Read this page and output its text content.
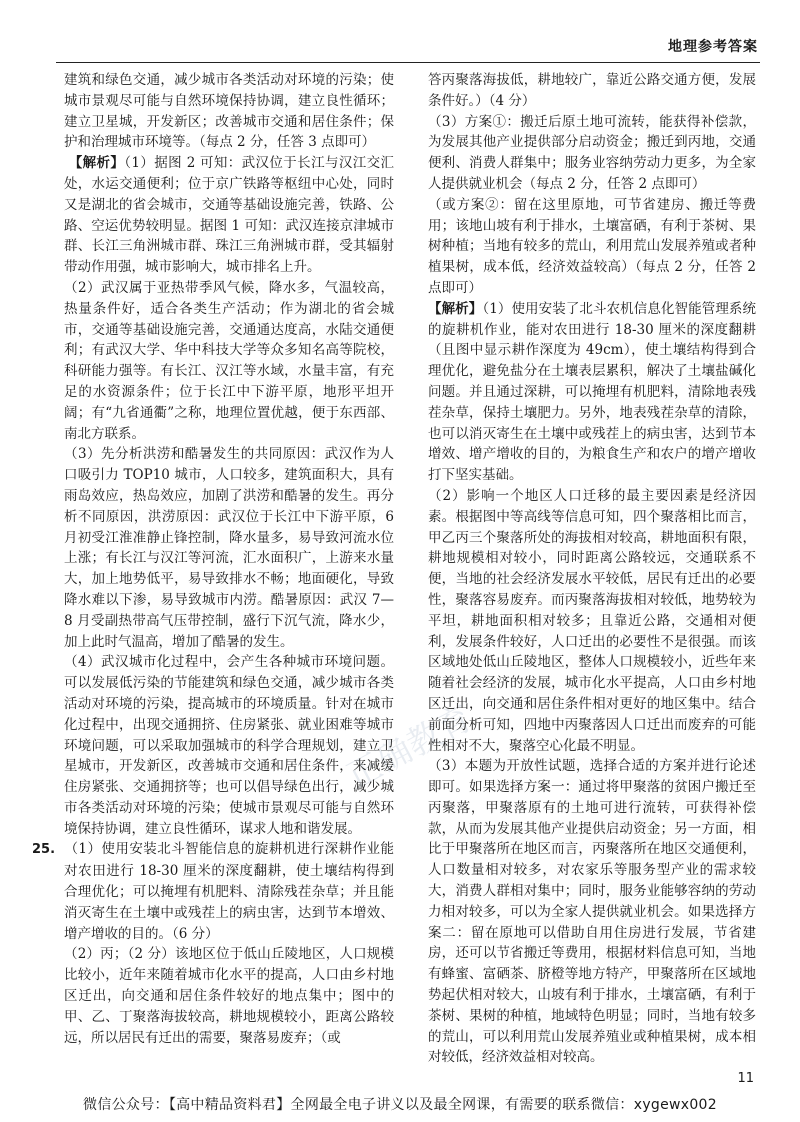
地理参考答案
正确教育

建筑和绿色交通，减少城市各类活动对环境的污染；使城市景观尽可能与自然环境保持协调，建立良性循环；建立卫星城，开发新区；改善城市交通和居住条件；保护和治理城市环境等。（每点 2 分，任答 3 点即可）

【解析】（1）据图 2 可知：武汉位于长江与汉江交汇处，水运交通便利；位于京广铁路等枢纽中心处，同时又是湖北的省会城市，交通等基础设施完善，铁路、公路、空运优势较明显。据图 1 可知：武汉连接京津城市群、长江三角洲城市群、珠江三角洲城市群，受其辐射带动作用强，城市影响大，城市排名上升。

（2）武汉属于亚热带季风气候，降水多，气温较高，热量条件好，适合各类生产活动；作为湖北的省会城市，交通等基础设施完善，交通通达度高，水陆交通便利；有武汉大学、华中科技大学等众多知名高等院校，科研能力强等。有长江、汉江等水域，水量丰富，有充足的水资源条件；位于长江中下游平原，地形平坦开阔；有“九省通衢”之称，地理位置优越，便于东西部、南北方联系。

（3）先分析洪涝和酷暑发生的共同原因：武汉作为人口吸引力 TOP10 城市，人口较多，建筑面积大，具有雨岛效应，热岛效应，加剧了洪涝和酷暑的发生。再分析不同原因，洪涝原因：武汉位于长江中下游平原，6 月初受江淮准静止锋控制，降水量多，易导致河流水位上涨；有长江与汉江等河流，汇水面积广，上游来水量大，加上地势低平，易导致排水不畅；地面硬化，导致降水难以下渗，易导致城市内涝。酷暑原因：武汉 7—8 月受副热带高气压带控制，盛行下沉气流，降水少，加上此时气温高，增加了酷暑的发生。

（4）武汉城市化过程中，会产生各种城市环境问题。可以发展低污染的节能建筑和绿色交通，减少城市各类活动对环境的污染，提高城市的环境质量。针对在城市化过程中，出现交通拥挤、住房紧张、就业困难等城市环境问题，可以采取加强城市的科学合理规划，建立卫星城市，开发新区，改善城市交通和居住条件，来减缓住房紧张、交通拥挤等；也可以倡导绿色出行，减少城市各类活动对环境的污染；使城市景观尽可能与自然环境保持协调，建立良性循环，谋求人地和谐发展。

25. （1）使用安装北斗智能信息的旋耕机进行深耕作业能对农田进行 18-30 厘米的深度翻耕，使土壤结构得到合理优化；可以掩埋有机肥料、清除残茬杂草；并且能消灭寄生在土壤中或残茬上的病虫害，达到节本增效、增产增收的目的。（6 分）

（2）丙；（2 分）该地区位于低山丘陵地区，人口规模比较小，近年来随着城市化水平的提高，人口由乡村地区迁出，向交通和居住条件较好的地点集中；图中的甲、乙、丁聚落海拔较高，耕地规模较小，距离公路较远，所以居民有迁出的需要，聚落易废弃；（或

答丙聚落海拔低，耕地较广，靠近公路交通方便，发展条件好。）（4 分）

（3）方案①：搬迁后原土地可流转，能获得补偿款，为发展其他产业提供部分启动资金；搬迁到丙地，交通便利、消费人群集中；服务业容纳劳动力更多，为全家人提供就业机会（每点 2 分，任答 2 点即可）

（或方案②：留在这里原地，可节省建房、搬迁等费用；该地山坡有利于排水，土壤富硒，有利于茶树、果树种植；当地有较多的荒山，利用荒山发展养殖或者种植果树，成本低，经济效益较高）（每点 2 分，任答 2 点即可）

【解析】（1）使用安装了北斗农机信息化智能管理系统的旋耕机作业，能对农田进行 18-30 厘米的深度翻耕（且图中显示耕作深度为 49cm），使土壤结构得到合理优化，避免盐分在土壤表层累积，解决了土壤盐碱化问题。并且通过深耕，可以掩埋有机肥料，清除地表残茬杂草，保持土壤肥力。另外，地表残茬杂草的清除，也可以消灭寄生在土壤中或残茬上的病虫害，达到节本增效、增产增收的目的，为粮食生产和农户的增产增收打下坚实基础。

（2）影响一个地区人口迁移的最主要因素是经济因素。根据图中等高线等信息可知，四个聚落相比而言，甲乙丙三个聚落所处的海拔相对较高，耕地面积有限，耕地规模相对较小，同时距离公路较远，交通联系不便，当地的社会经济发展水平较低，居民有迁出的必要性，聚落容易废弃。而丙聚落海拔相对较低，地势较为平坦，耕地面积相对较多；且靠近公路，交通相对便利，发展条件较好，人口迁出的必要性不是很强。而该区域地处低山丘陵地区，整体人口规模较小，近些年来随着社会经济的发展，城市化水平提高，人口由乡村地区迁出，向交通和居住条件相对更好的地区集中。结合前面分析可知，四地中丙聚落因人口迁出而废弃的可能性相对不大，聚落空心化最不明显。

（3）本题为开放性试题，选择合适的方案并进行论述即可。如果选择方案一：通过将甲聚落的贫困户搬迁至丙聚落，甲聚落原有的土地可进行流转，可获得补偿款，从而为发展其他产业提供启动资金；另一方面，相比于甲聚落所在地区而言，丙聚落所在地区交通便利，人口数量相对较多，对农家乐等服务型产业的需求较大，消费人群相对集中；同时，服务业能够容纳的劳动力相对较多，可以为全家人提供就业机会。如果选择方案二：留在原地可以借助自用住房进行发展，节省建房，还可以节省搬迁等费用，根据材料信息可知，当地有蜂蜜、富硒茶、脐橙等地方特产，甲聚落所在区域地势起伏相对较大，山坡有利于排水，土壤富硒，有利于茶树、果树的种植，地域特色明显；同时，当地有较多的荒山，可以利用荒山发展养殖业或种植果树，成本相对较低，经济效益相对较高。

11
微信公众号：【高中精品资料君】全网最全电子讲义以及最全网课，有需要的联系微信：xygewx002
